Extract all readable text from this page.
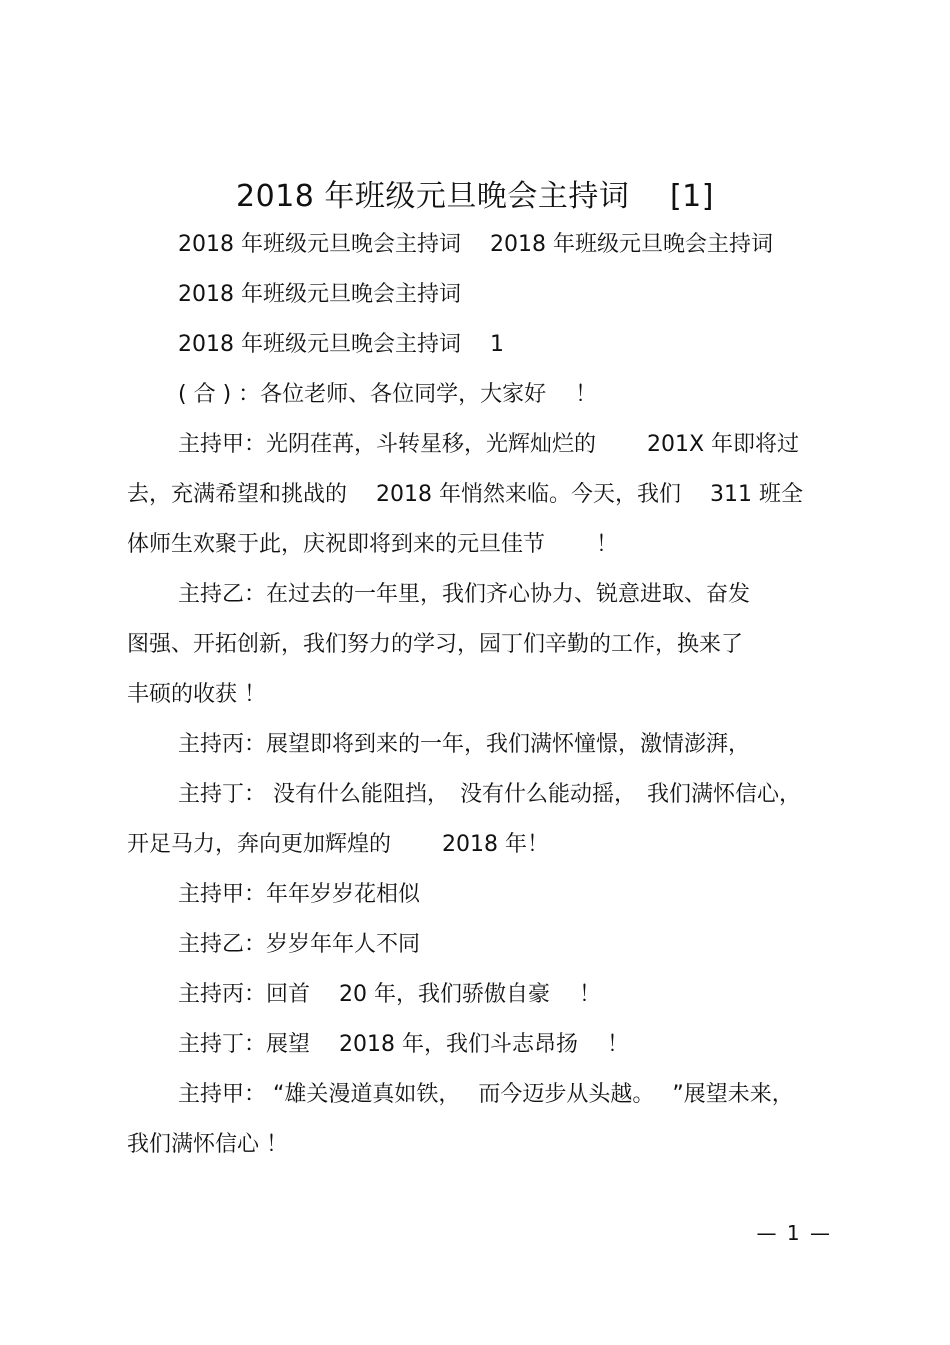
2018 年班级元旦晚会主持词　 [1]
2018 年班级元旦晚会主持词　 2018 年班级元旦晚会主持词
2018 年班级元旦晚会主持词
2018 年班级元旦晚会主持词　 1
( 合 ) ：各位老师、各位同学，大家好　 ！
主持甲：光阴荏苒，斗转星移，光辉灿烂的　　 201X 年即将过
去，充满希望和挑战的　 2018 年悄然来临。今天，我们　 311 班全
体师生欢聚于此，庆祝即将到来的元旦佳节　　 ！
主持乙：在过去的一年里，我们齐心协力、锐意进取、奋发
图强、开拓创新，我们努力的学习，园丁们辛勤的工作，换来了
丰硕的收获 ！
主持丙：展望即将到来的一年，我们满怀憧憬，激情澎湃，
主持丁： 没有什么能阻挡，　没有什么能动摇，　我们满怀信心，
开足马力，奔向更加辉煌的　　 2018 年！
主持甲：年年岁岁花相似
主持乙：岁岁年年人不同
主持丙：回首　 20 年，我们骄傲自豪　 ！
主持丁：展望　 2018 年，我们斗志昂扬　 ！
主持甲： “雄关漫道真如铁，　 而今迈步从头越。　 ”展望未来，
我们满怀信心 ！
— 1 —
